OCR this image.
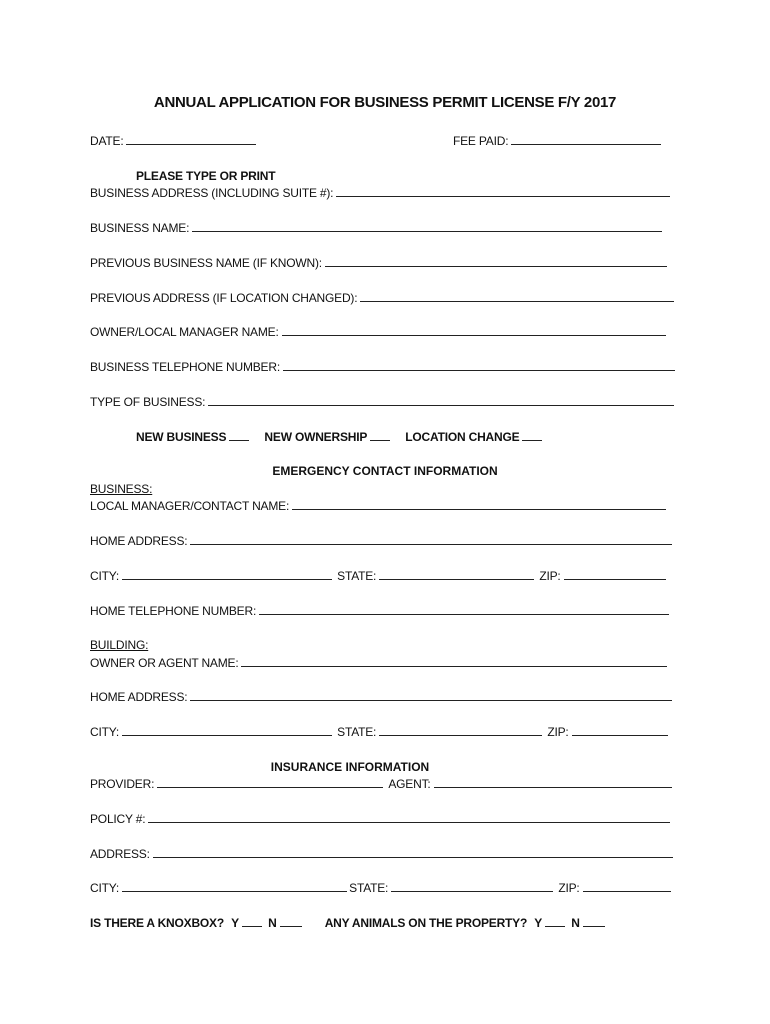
ANNUAL APPLICATION FOR BUSINESS PERMIT LICENSE F/Y 2017
DATE:	FEE PAID:
PLEASE TYPE OR PRINT
BUSINESS ADDRESS (INCLUDING SUITE #):
BUSINESS NAME:
PREVIOUS BUSINESS NAME (IF KNOWN):
PREVIOUS ADDRESS (IF LOCATION CHANGED):
OWNER/LOCAL MANAGER NAME:
BUSINESS TELEPHONE NUMBER:
TYPE OF BUSINESS:
NEW BUSINESS	NEW OWNERSHIP	LOCATION CHANGE
EMERGENCY CONTACT INFORMATION
BUSINESS:
LOCAL MANAGER/CONTACT NAME:
HOME ADDRESS:
CITY:	STATE:	ZIP:
HOME TELEPHONE NUMBER:
BUILDING:
OWNER OR AGENT NAME:
HOME ADDRESS:
CITY:	STATE:	ZIP:
INSURANCE INFORMATION
PROVIDER:	AGENT:
POLICY #:
ADDRESS:
CITY:	STATE:	ZIP:
IS THERE A KNOXBOX? Y N	ANY ANIMALS ON THE PROPERTY? Y N
